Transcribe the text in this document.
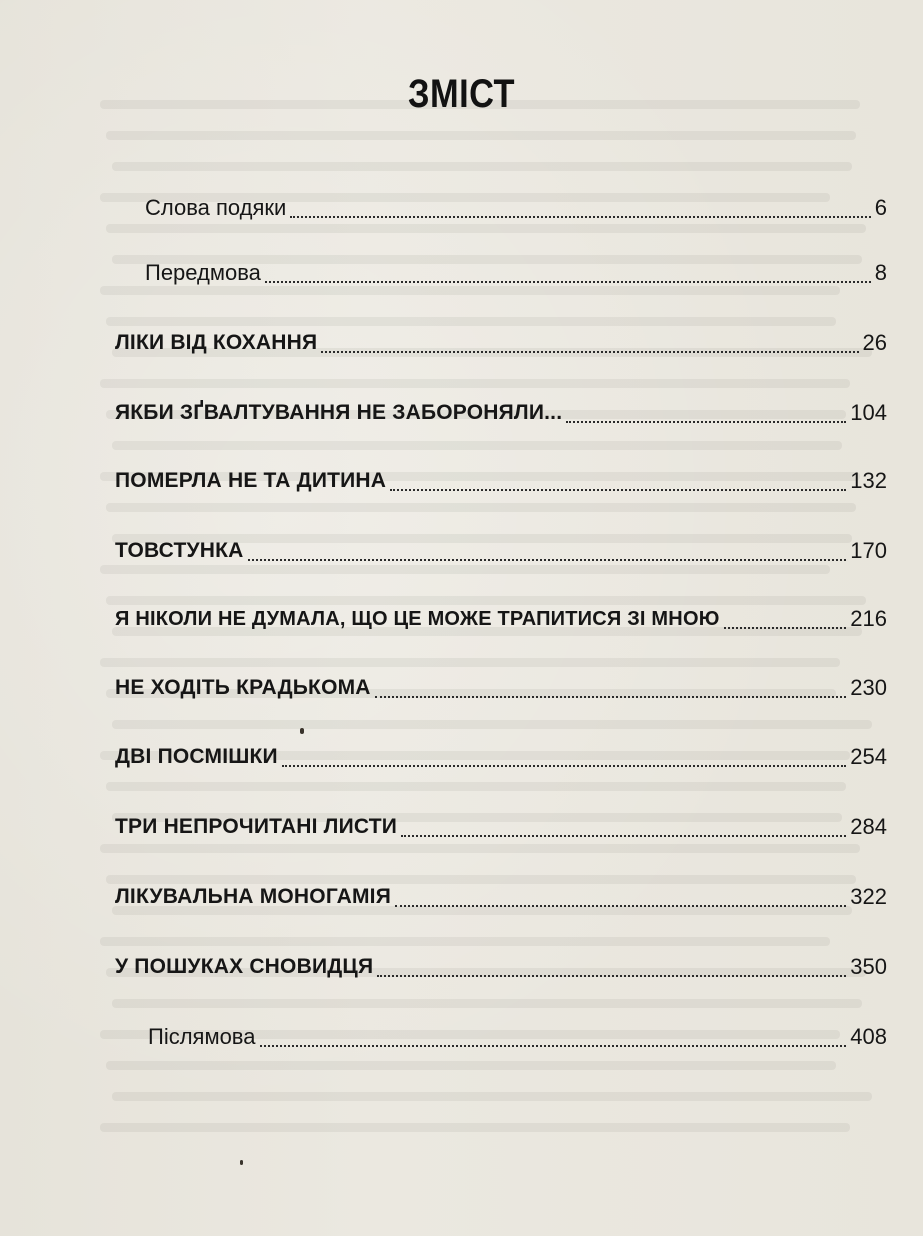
ЗМІСТ
Слова подяки	6
Передмова	8
ЛІКИ ВІД КОХАННЯ	26
ЯКБИ ЗҐВАЛТУВАННЯ НЕ ЗАБОРОНЯЛИ...	104
ПОМЕРЛА НЕ ТА ДИТИНА	132
ТОВСТУНКА	170
Я НІКОЛИ НЕ ДУМАЛА, ЩО ЦЕ МОЖЕ ТРАПИТИСЯ ЗІ МНОЮ	216
НЕ ХОДІТЬ КРАДЬКОМА	230
ДВІ ПОСМІШКИ	254
ТРИ НЕПРОЧИТАНІ ЛИСТИ	284
ЛІКУВАЛЬНА МОНОГАМІЯ	322
У ПОШУКАХ СНОВИДЦЯ	350
Післямова	408
